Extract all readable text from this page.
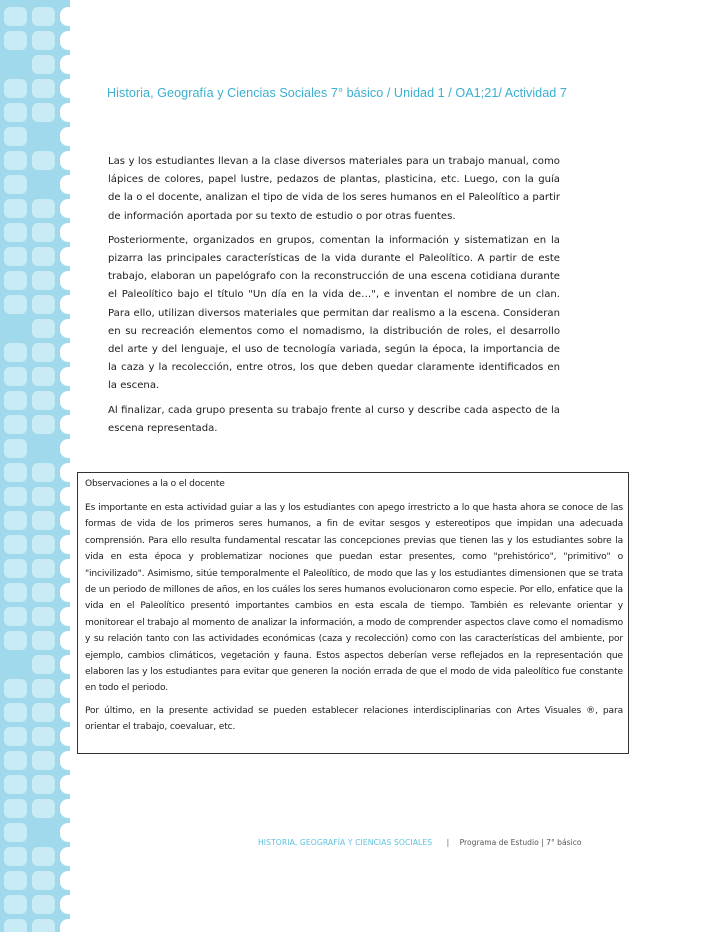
Historia, Geografía y Ciencias Sociales 7° básico / Unidad 1 / OA1;21/ Actividad 7

Las y los estudiantes llevan a la clase diversos materiales para un trabajo manual, como lápices de colores, papel lustre, pedazos de plantas, plasticina, etc. Luego, con la guía de la o el docente, analizan el tipo de vida de los seres humanos en el Paleolítico a partir de información aportada por su texto de estudio o por otras fuentes.

Posteriormente, organizados en grupos, comentan la información y sistematizan en la pizarra las principales características de la vida durante el Paleolítico. A partir de este trabajo, elaboran un papelógrafo con la reconstrucción de una escena cotidiana durante el Paleolítico bajo el título "Un día en la vida de…", e inventan el nombre de un clan. Para ello, utilizan diversos materiales que permitan dar realismo a la escena. Consideran en su recreación elementos como el nomadismo, la distribución de roles, el desarrollo del arte y del lenguaje, el uso de tecnología variada, según la época, la importancia de la caza y la recolección, entre otros, los que deben quedar claramente identificados en la escena.

Al finalizar, cada grupo presenta su trabajo frente al curso y describe cada aspecto de la escena representada.

Observaciones a la o el docente

Es importante en esta actividad guiar a las y los estudiantes con apego irrestricto a lo que hasta ahora se conoce de las formas de vida de los primeros seres humanos, a fin de evitar sesgos y estereotipos que impidan una adecuada comprensión. Para ello resulta fundamental rescatar las concepciones previas que tienen las y los estudiantes sobre la vida en esta época y problematizar nociones que puedan estar presentes, como "prehistórico", "primitivo" o "incivilizado". Asimismo, sitúe temporalmente el Paleolítico, de modo que las y los estudiantes dimensionen que se trata de un periodo de millones de años, en los cuáles los seres humanos evolucionaron como especie. Por ello, enfatice que la vida en el Paleolítico presentó importantes cambios en esta escala de tiempo. También es relevante orientar y monitorear el trabajo al momento de analizar la información, a modo de comprender aspectos clave como el nomadismo y su relación tanto con las actividades económicas (caza y recolección) como con las características del ambiente, por ejemplo, cambios climáticos, vegetación y fauna. Estos aspectos deberían verse reflejados en la representación que elaboren las y los estudiantes para evitar que generen la noción errada de que el modo de vida paleolítico fue constante en todo el periodo.

Por último, en la presente actividad se pueden establecer relaciones interdisciplinarias con Artes Visuales ®, para orientar el trabajo, coevaluar, etc.

HISTORIA, GEOGRAFÍA Y CIENCIAS SOCIALES | Programa de Estudio | 7° básico
